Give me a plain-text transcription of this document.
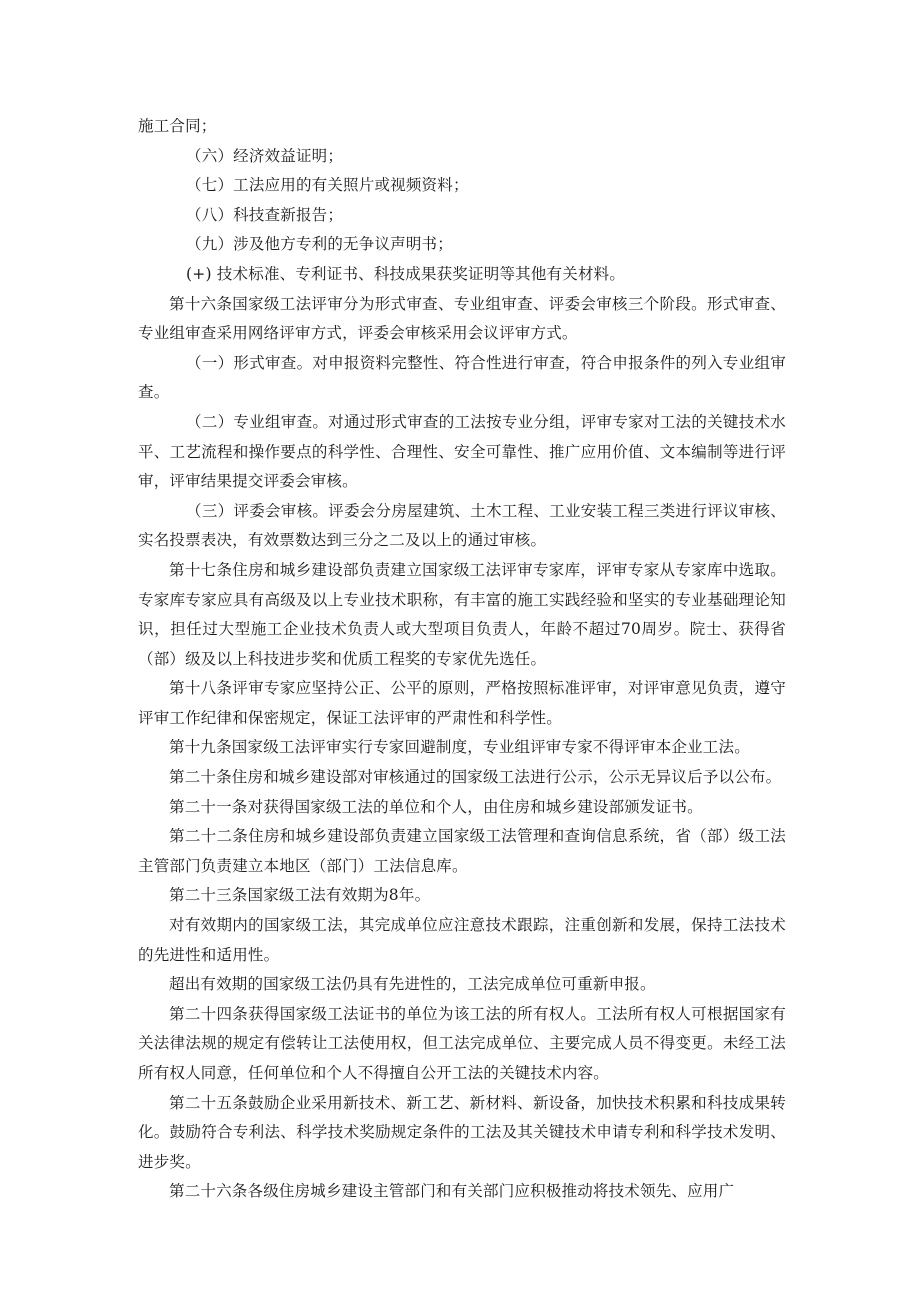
施工合同；

（六）经济效益证明；

（七）工法应用的有关照片或视频资料；

（八）科技查新报告；

（九）涉及他方专利的无争议声明书；

(+) 技术标准、专利证书、科技成果获奖证明等其他有关材料。

第十六条国家级工法评审分为形式审查、专业组审查、评委会审核三个阶段。形式审查、专业组审查采用网络评审方式，评委会审核采用会议评审方式。

（一）形式审查。对申报资料完整性、符合性进行审查，符合申报条件的列入专业组审查。

（二）专业组审查。对通过形式审查的工法按专业分组，评审专家对工法的关键技术水平、工艺流程和操作要点的科学性、合理性、安全可靠性、推广应用价值、文本编制等进行评审，评审结果提交评委会审核。

（三）评委会审核。评委会分房屋建筑、土木工程、工业安装工程三类进行评议审核、实名投票表决，有效票数达到三分之二及以上的通过审核。

第十七条住房和城乡建设部负责建立国家级工法评审专家库，评审专家从专家库中选取。专家库专家应具有高级及以上专业技术职称，有丰富的施工实践经验和坚实的专业基础理论知识，担任过大型施工企业技术负责人或大型项目负责人，年龄不超过70周岁。院士、获得省（部）级及以上科技进步奖和优质工程奖的专家优先选任。

第十八条评审专家应坚持公正、公平的原则，严格按照标准评审，对评审意见负责，遵守评审工作纪律和保密规定，保证工法评审的严肃性和科学性。

第十九条国家级工法评审实行专家回避制度，专业组评审专家不得评审本企业工法。

第二十条住房和城乡建设部对审核通过的国家级工法进行公示，公示无异议后予以公布。

第二十一条对获得国家级工法的单位和个人，由住房和城乡建设部颁发证书。

第二十二条住房和城乡建设部负责建立国家级工法管理和查询信息系统，省（部）级工法主管部门负责建立本地区（部门）工法信息库。

第二十三条国家级工法有效期为8年。

对有效期内的国家级工法，其完成单位应注意技术跟踪，注重创新和发展，保持工法技术的先进性和适用性。

超出有效期的国家级工法仍具有先进性的，工法完成单位可重新申报。

第二十四条获得国家级工法证书的单位为该工法的所有权人。工法所有权人可根据国家有关法律法规的规定有偿转让工法使用权，但工法完成单位、主要完成人员不得变更。未经工法所有权人同意，任何单位和个人不得擅自公开工法的关键技术内容。

第二十五条鼓励企业采用新技术、新工艺、新材料、新设备，加快技术积累和科技成果转化。鼓励符合专利法、科学技术奖励规定条件的工法及其关键技术申请专利和科学技术发明、进步奖。

第二十六条各级住房城乡建设主管部门和有关部门应积极推动将技术领先、应用广
